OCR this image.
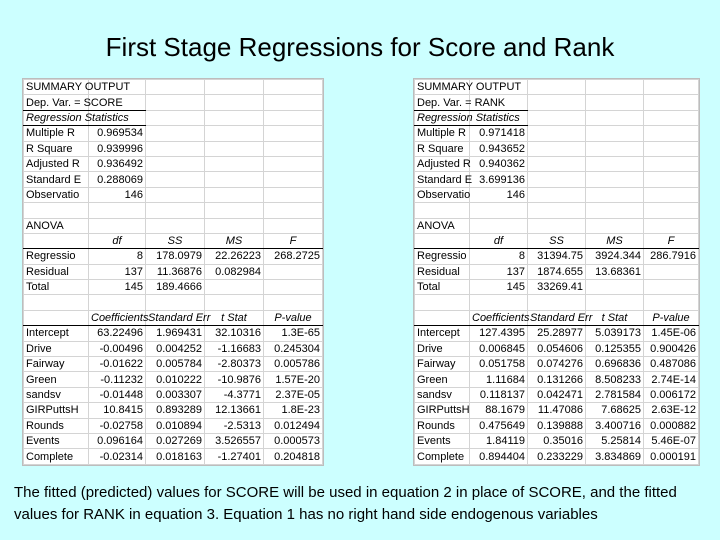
First Stage Regressions for Score and Rank
SUMMARY OUTPUT				
Dep. Var. = SCORE				
Regression Statistics				
Multiple R	0.969534			
R Square	0.939996			
Adjusted R	0.936492			
Standard E	0.288069			
Observatio	146			

ANOVA				
	df	SS	MS	F
Regressio	8	178.0979	22.26223	268.2725
Residual	137	11.36876	0.082984	
Total	145	189.4666		

	Coefficients	Standard Err	t Stat	P-value
Intercept	63.22496	1.969431	32.10316	1.3E-65
Drive	-0.00496	0.004252	-1.16683	0.245304
Fairway	-0.01622	0.005784	-2.80373	0.005786
Green	-0.11232	0.010222	-10.9876	1.57E-20
sandsv	-0.01448	0.003307	-4.3771	2.37E-05
GIRPuttsH	10.8415	0.893289	12.13661	1.8E-23
Rounds	-0.02758	0.010894	-2.5313	0.012494
Events	0.096164	0.027269	3.526557	0.000573
Complete	-0.02314	0.018163	-1.27401	0.204818
SUMMARY OUTPUT				
Dep. Var. = RANK				
Regression Statistics				
Multiple R	0.971418			
R Square	0.943652			
Adjusted R	0.940362			
Standard E	3.699136			
Observatio	146			

ANOVA				
	df	SS	MS	F
Regressio	8	31394.75	3924.344	286.7916
Residual	137	1874.655	13.68361	
Total	145	33269.41		

	Coefficients	Standard Err	t Stat	P-value
Intercept	127.4395	25.28977	5.039173	1.45E-06
Drive	0.006845	0.054606	0.125355	0.900426
Fairway	0.051758	0.074276	0.696836	0.487086
Green	1.11684	0.131266	8.508233	2.74E-14
sandsv	0.118137	0.042471	2.781584	0.006172
GIRPuttsH	88.1679	11.47086	7.68625	2.63E-12
Rounds	0.475649	0.139888	3.400716	0.000882
Events	1.84119	0.35016	5.25814	5.46E-07
Complete	0.894404	0.233229	3.834869	0.000191
The fitted (predicted) values for SCORE will be used in equation 2 in place of SCORE, and the fitted values for RANK in equation 3. Equation 1 has no right hand side endogenous variables
